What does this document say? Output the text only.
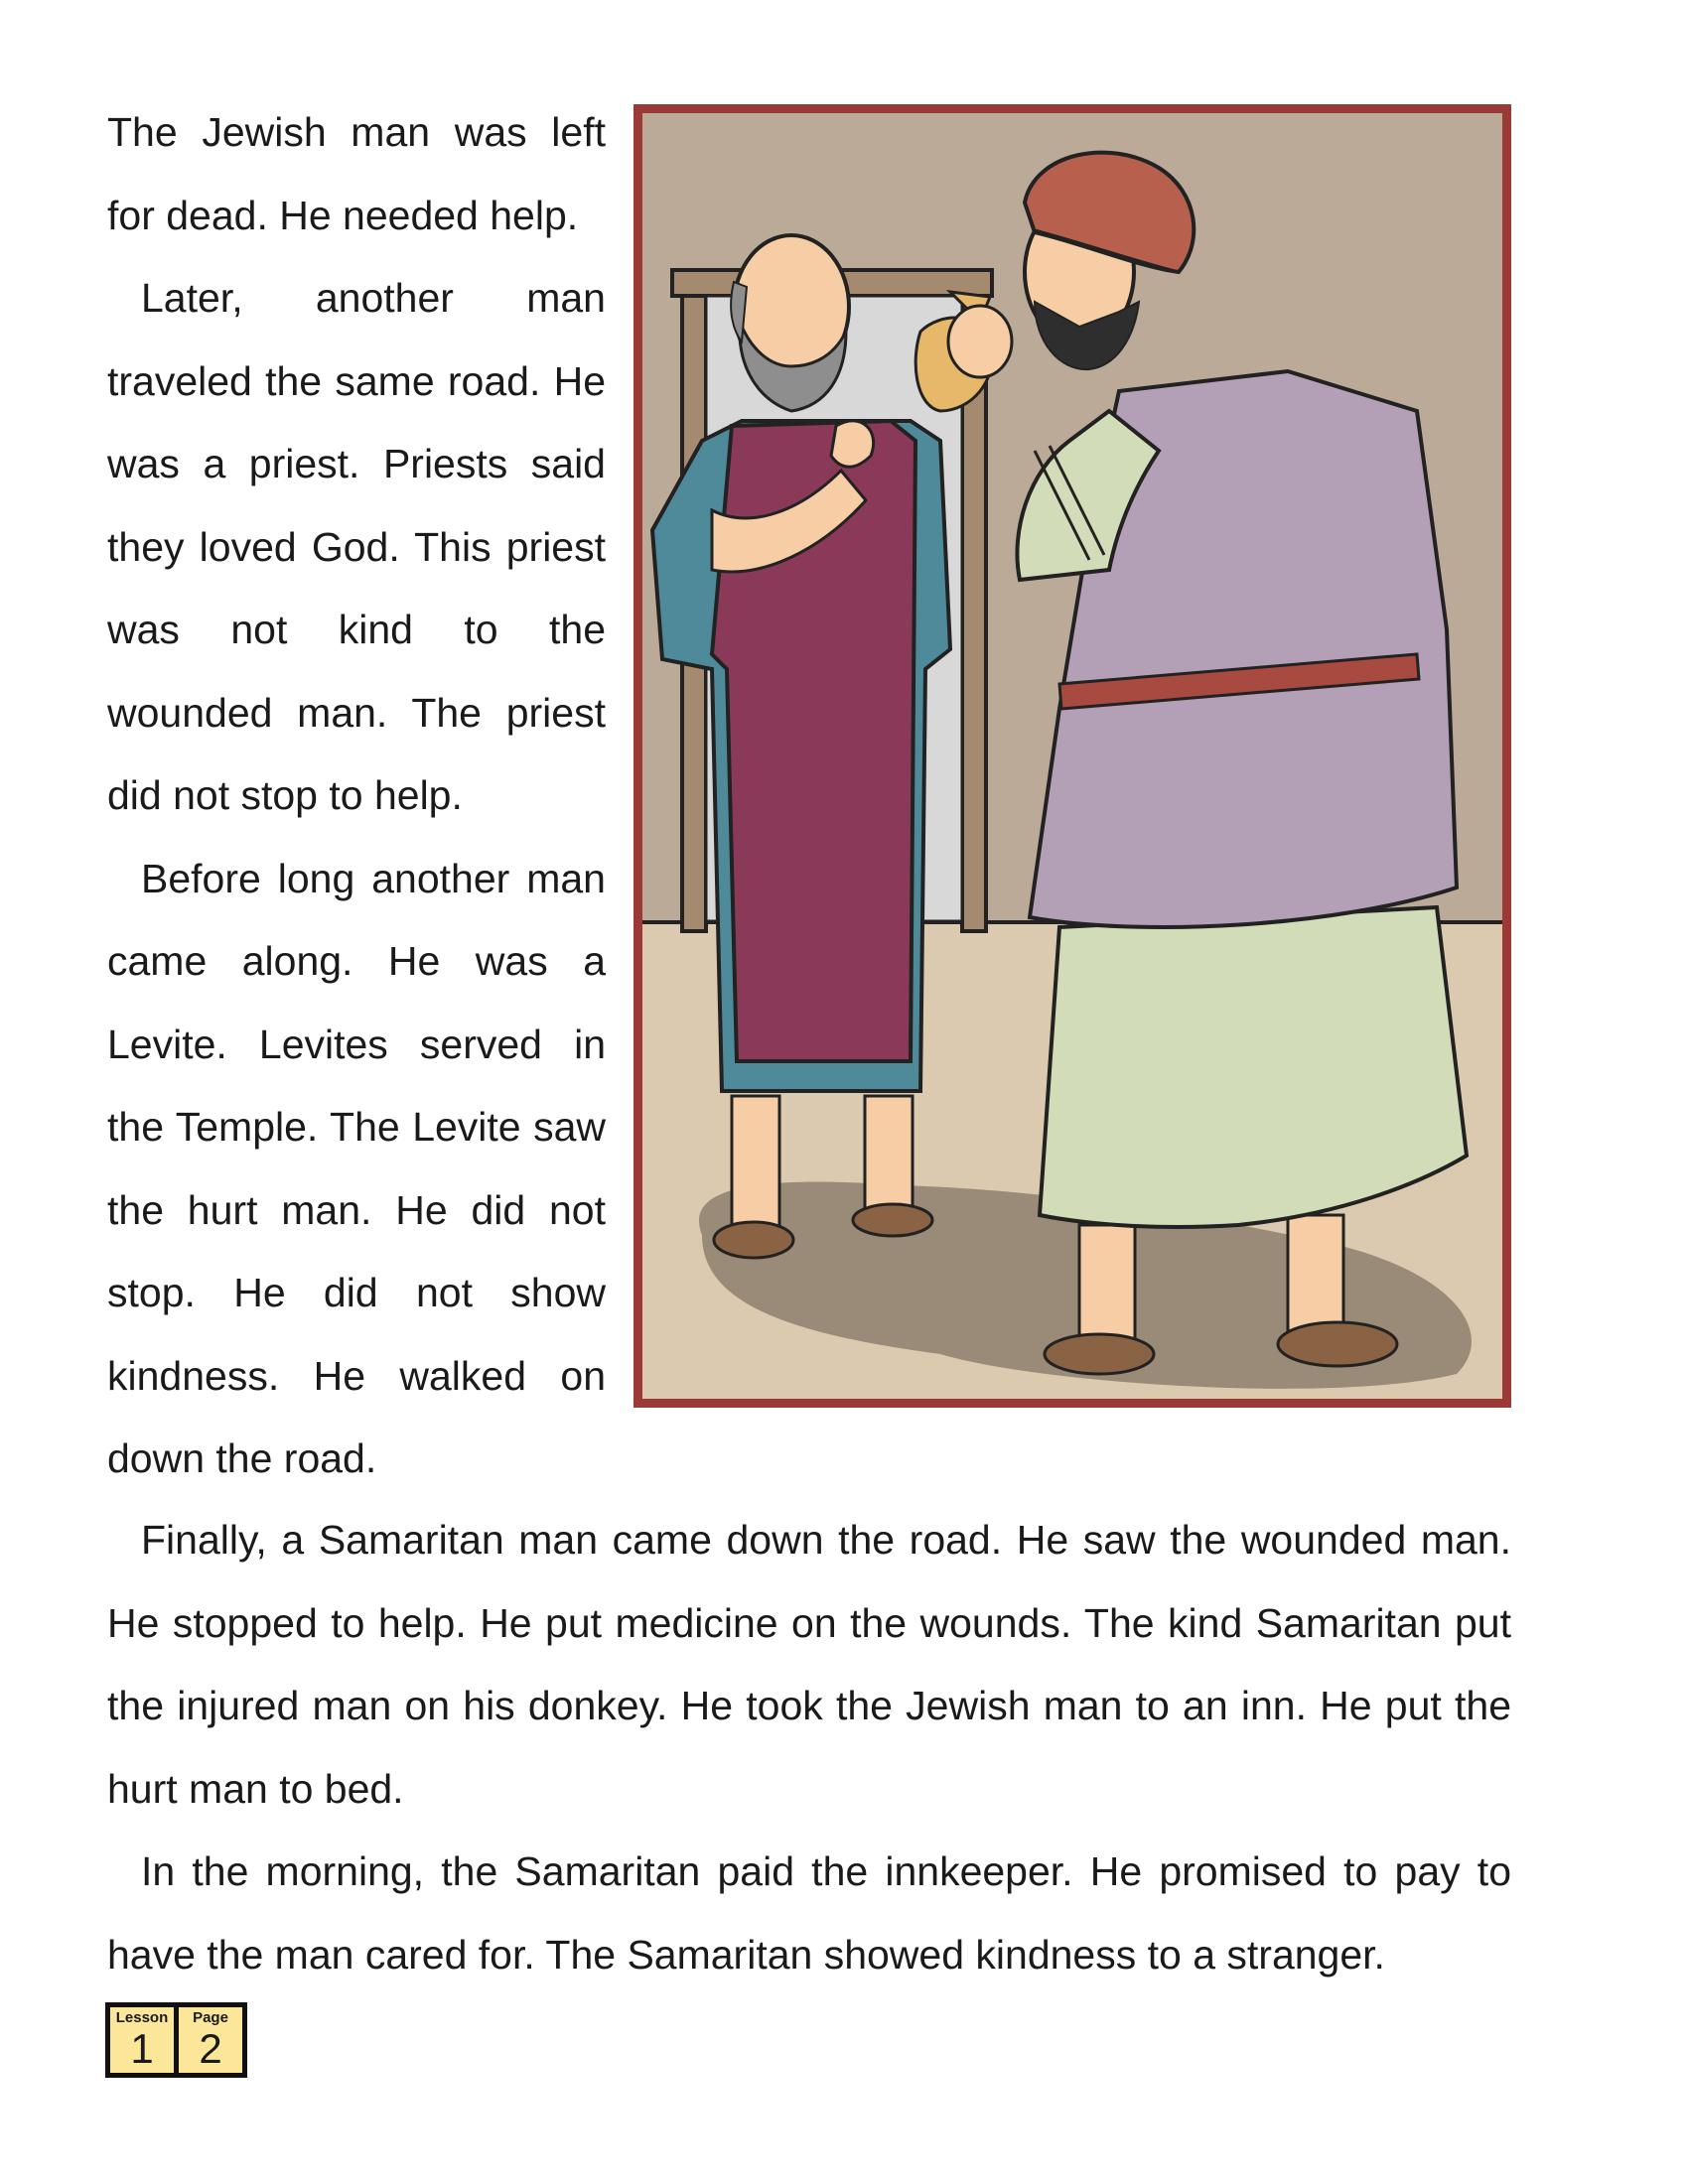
The Jewish man was left for dead. He needed help.

Later, another man traveled the same road. He was a priest. Priests said they loved God. This priest was not kind to the wounded man. The priest did not stop to help.

Before long another man came along. He was a Levite. Levites served in the Temple. The Levite saw the hurt man. He did not stop. He did not show kindness. He walked on down the road.

Finally, a Samaritan man came down the road. He saw the wounded man. He stopped to help. He put medicine on the wounds. The kind Samaritan put the injured man on his donkey. He took the Jewish man to an inn. He put the hurt man to bed.

In the morning, the Samaritan paid the innkeeper. He promised to pay to have the man cared for. The Samaritan showed kindness to a stranger.

Lesson
1
Page
2
